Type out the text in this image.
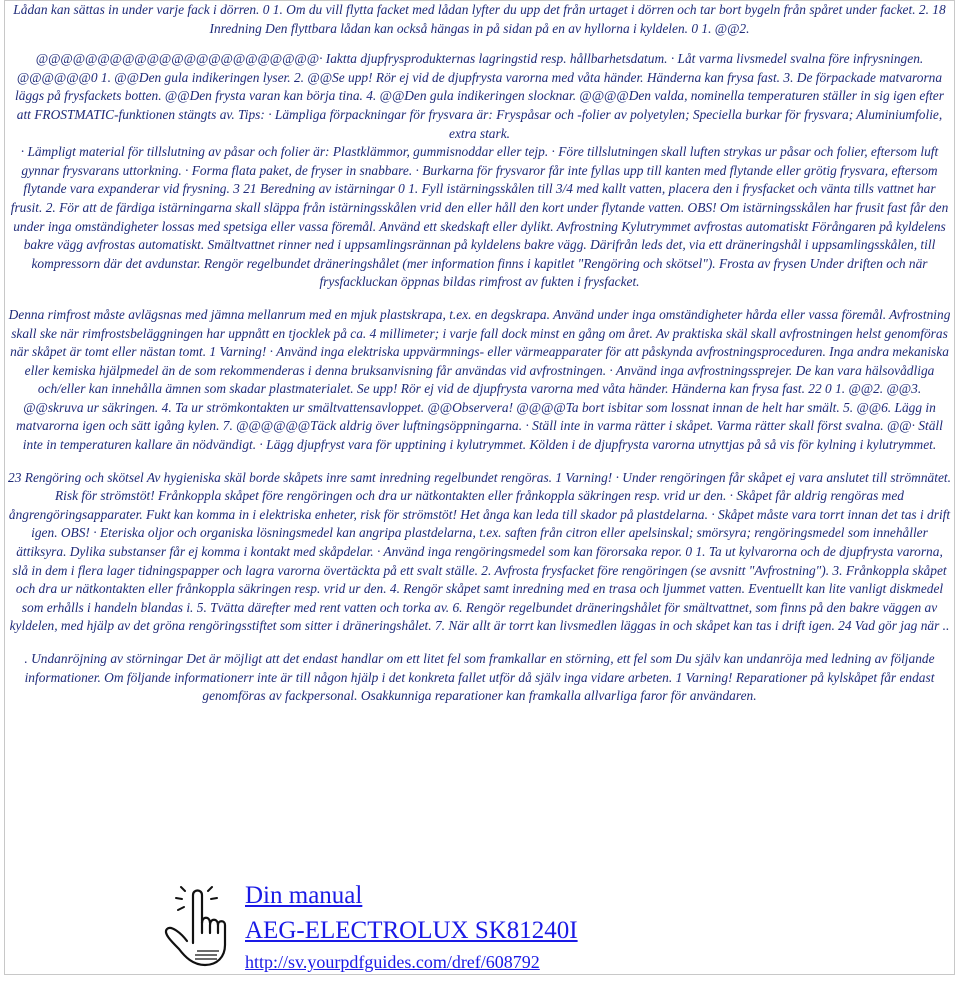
Lådan kan sättas in under varje fack i dörren. 0 1. Om du vill flytta facket med lådan lyfter du upp det från urtaget i dörren och tar bort bygeln från spåret under facket. 2. 18 Inredning Den flyttbara lådan kan också hängas in på sidan på en av hyllorna i kyldelen. 0 1. @@2.

@@@@@@@@@@@@@@@@@@@@@@@· Iaktta djupfrysprodukternas lagringstid resp. hållbarhetsdatum. · Låt varma livsmedel svalna före infrysningen. @@@@@@0 1. @@Den gula indikeringen lyser. 2. @@Se upp! Rör ej vid de djupfrysta varorna med våta händer. Händerna kan frysa fast. 3. De förpackade matvarorna läggs på frysfackets botten. @@Den frysta varan kan börja tina. 4. @@Den gula indikeringen slocknar. @@@@Den valda, nominella temperaturen ställer in sig igen efter att FROSTMATIC-funktionen stängts av. Tips: · Lämpliga förpackningar för frysvara är: Fryspåsar och -folier av polyetylen; Speciella burkar för frysvara; Aluminiumfolie, extra stark.

· Lämpligt material för tillslutning av påsar och folier är: Plastklämmor, gummisnoddar eller tejp. · Före tillslutningen skall luften strykas ur påsar och folier, eftersom luft gynnar frysvarans uttorkning. · Forma flata paket, de fryser in snabbare. · Burkarna för frysvaror får inte fyllas upp till kanten med flytande eller grötig frysvara, eftersom flytande vara expanderar vid frysning. 3 21 Beredning av istärningar 0 1. Fyll istärningsskålen till 3/4 med kallt vatten, placera den i frysfacket och vänta tills vattnet har frusit. 2. För att de färdiga istärningarna skall släppa från istärningsskålen vrid den eller håll den kort under flytande vatten. OBS! Om istärningsskålen har frusit fast får den under inga omständigheter lossas med spetsiga eller vassa föremål. Använd ett skedskaft eller dylikt. Avfrostning Kylutrymmet avfrostas automatiskt Förångaren på kyldelens bakre vägg avfrostas automatiskt. Smältvattnet rinner ned i uppsamlingsrännan på kyldelens bakre vägg. Därifrån leds det, via ett dräneringshål i uppsamlingsskålen, till kompressorn där det avdunstar. Rengör regelbundet dräneringshålet (mer information finns i kapitlet "Rengöring och skötsel"). Frosta av frysen Under driften och när frysfackluckan öppnas bildas rimfrost av fukten i frysfacket.

Denna rimfrost måste avlägsnas med jämna mellanrum med en mjuk plastskrapa, t.ex. en degskrapa. Använd under inga omständigheter hårda eller vassa föremål. Avfrostning skall ske när rimfrostsbeläggningen har uppnått en tjocklek på ca. 4 millimeter; i varje fall dock minst en gång om året. Av praktiska skäl skall avfrostningen helst genomföras när skåpet är tomt eller nästan tomt. 1 Varning! · Använd inga elektriska uppvärmnings- eller värmeapparater för att påskynda avfrostningsproceduren. Inga andra mekaniska eller kemiska hjälpmedel än de som rekommenderas i denna bruksanvisning får användas vid avfrostningen. · Använd inga avfrostningssprejer. De kan vara hälsovådliga och/eller kan innehålla ämnen som skadar plastmaterialet. Se upp! Rör ej vid de djupfrysta varorna med våta händer. Händerna kan frysa fast. 22 0 1. @@2. @@3. @@skruva ur säkringen. 4. Ta ur strömkontakten ur smältvattensavloppet. @@Observera! @@@@Ta bort isbitar som lossnat innan de helt har smält. 5. @@6. Lägg in matvarorna igen och sätt igång kylen. 7. @@@@@@Täck aldrig över luftningsöppningarna. · Ställ inte in varma rätter i skåpet. Varma rätter skall först svalna. @@· Ställ inte in temperaturen kallare än nödvändigt. · Lägg djupfryst vara för upptining i kylutrymmet. Kölden i de djupfrysta varorna utnyttjas på så vis för kylning i kylutrymmet.

23 Rengöring och skötsel Av hygieniska skäl borde skåpets inre samt inredning regelbundet rengöras. 1 Varning! · Under rengöringen får skåpet ej vara anslutet till strömnätet. Risk för strömstöt! Frånkoppla skåpet före rengöringen och dra ur nätkontakten eller frånkoppla säkringen resp. vrid ur den. · Skåpet får aldrig rengöras med ångrengöringsapparater. Fukt kan komma in i elektriska enheter, risk för strömstöt! Het ånga kan leda till skador på plastdelarna. · Skåpet måste vara torrt innan det tas i drift igen. OBS! · Eteriska oljor och organiska lösningsmedel kan angripa plastdelarna, t.ex. saften från citron eller apelsinskal; smörsyra; rengöringsmedel som innehåller ättiksyra. Dylika substanser får ej komma i kontakt med skåpdelar. · Använd inga rengöringsmedel som kan förorsaka repor. 0 1. Ta ut kylvarorna och de djupfrysta varorna, slå in dem i flera lager tidningspapper och lagra varorna övertäckta på ett svalt ställe. 2. Avfrosta frysfacket före rengöringen (se avsnitt "Avfrostning"). 3. Frånkoppla skåpet och dra ur nätkontakten eller frånkoppla säkringen resp. vrid ur den. 4. Rengör skåpet samt inredning med en trasa och ljummet vatten. Eventuellt kan lite vanligt diskmedel som erhålls i handeln blandas i. 5. Tvätta därefter med rent vatten och torka av. 6. Rengör regelbundet dräneringshålet för smältvattnet, som finns på den bakre väggen av kyldelen, med hjälp av det gröna rengöringsstiftet som sitter i dräneringshålet. 7. När allt är torrt kan livsmedlen läggas in och skåpet kan tas i drift igen. 24 Vad gör jag när ..

. Undanröjning av störningar Det är möjligt att det endast handlar om ett litet fel som framkallar en störning, ett fel som Du själv kan undanröja med ledning av följande informationer. Om följande informationerr inte är till någon hjälp i det konkreta fallet utför då själv inga vidare arbeten. 1 Varning! Reparationer på kylskåpet får endast genomföras av fackpersonal. Osakkunniga reparationer kan framkalla allvarliga faror för användaren.

Din manual
AEG-ELECTROLUX SK81240I
http://sv.yourpdfguides.com/dref/608792
